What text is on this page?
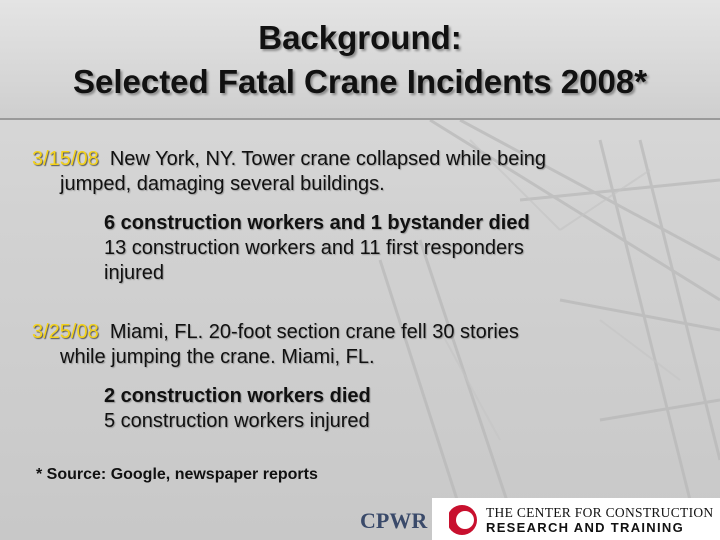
Background:
Selected Fatal Crane Incidents 2008*
3/15/08 New York, NY. Tower crane collapsed while being
jumped, damaging several buildings.
6 construction workers and 1 bystander died
13 construction workers and 11 first responders
injured
3/25/08 Miami, FL. 20-foot section crane fell 30 stories
while jumping the crane. Miami, FL.
2 construction workers died
5 construction workers injured
* Source: Google, newspaper reports
CPWR	THE CENTER FOR CONSTRUCTION
RESEARCH AND TRAINING
